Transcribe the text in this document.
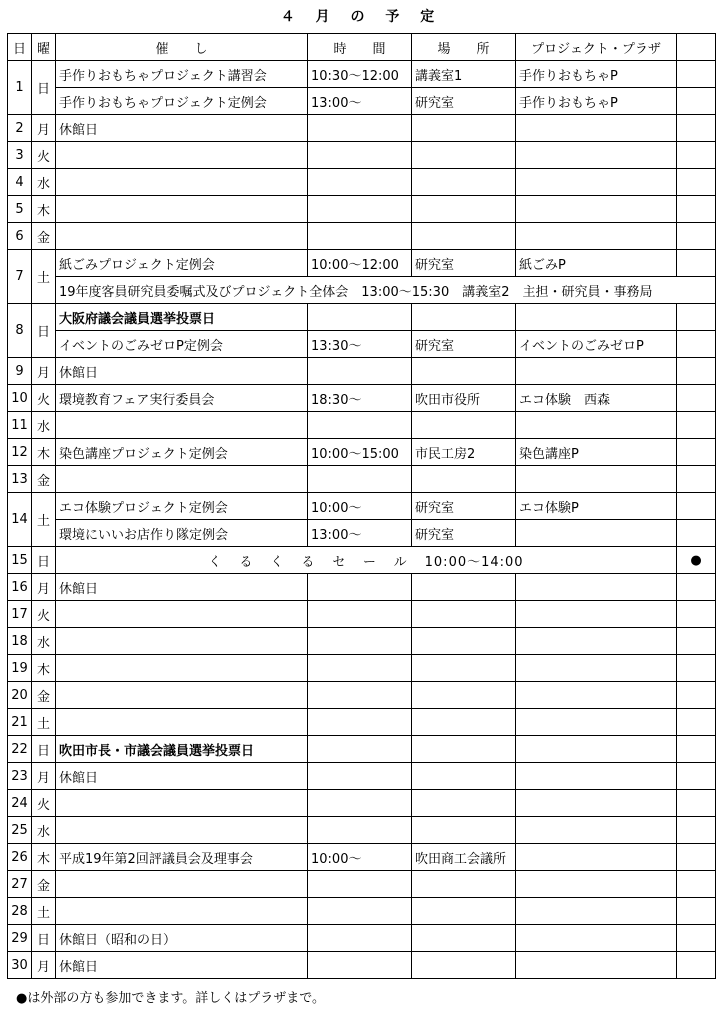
４ 月 の 予 定
日	曜	催　　し	時　　間	場　　所	プロジェクト・プラザ	
1	日	手作りおもちゃプロジェクト講習会	10:30～12:00	講義室1	手作りおもちゃP	
		手作りおもちゃプロジェクト定例会	13:00～	研究室	手作りおもちゃP	
2	月	休館日				
3	火					
4	水					
5	木					
6	金					
7	土	紙ごみプロジェクト定例会	10:00～12:00	研究室	紙ごみP	
		19年度客員研究員委嘱式及びプロジェクト全体会　13:00～15:30　講義室2　主担・研究員・事務局				
8	日	大阪府議会議員選挙投票日				
		イベントのごみゼロP定例会	13:30～	研究室	イベントのごみゼロP	
9	月	休館日				
10	火	環境教育フェア実行委員会	18:30～	吹田市役所	エコ体験　西森	
11	水					
12	木	染色講座プロジェクト定例会	10:00～15:00	市民工房2	染色講座P	
13	金					
14	土	エコ体験プロジェクト定例会	10:00～	研究室	エコ体験P	
		環境にいいお店作り隊定例会	13:00～	研究室		
15	日	くるくるセール10:00～14:00				●
16	月	休館日				
17	火					
18	水					
19	木					
20	金					
21	土					
22	日	吹田市長・市議会議員選挙投票日				
23	月	休館日				
24	火					
25	水					
26	木	平成19年第2回評議員会及理事会	10:00～	吹田商工会議所		
27	金					
28	土					
29	日	休館日（昭和の日）				
30	月	休館日				
●は外部の方も参加できます。詳しくはプラザまで。
